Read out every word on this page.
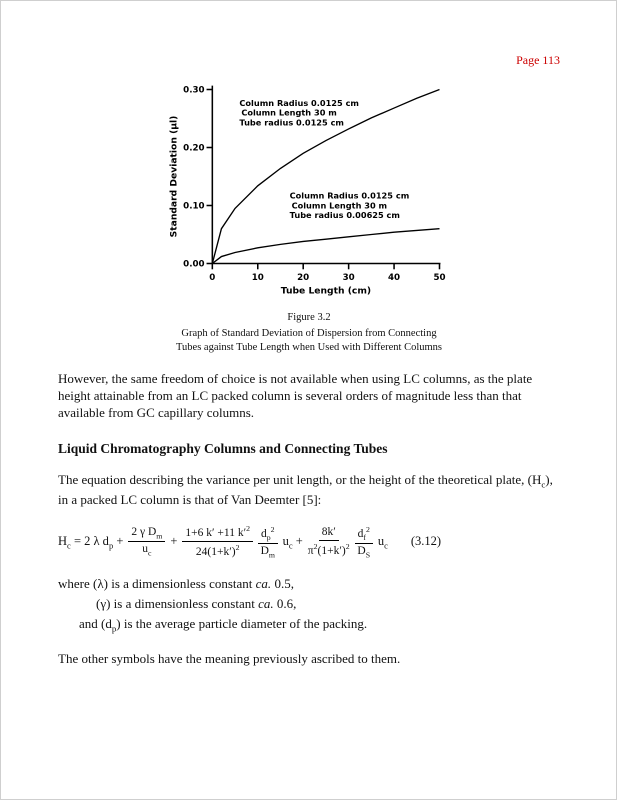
Page 113
0.00
0.10
0.20
0.30
0	10	20	30	40	50
Tube Length (cm)
Standard Deviation (μl)
Column Radius 0.0125 cm
Column Length 30 m
Tube radius 0.0125 cm
Column Radius 0.0125 cm
Column Length 30 m
Tube radius 0.00625 cm
Figure 3.2
Graph of Standard Deviation of Dispersion from Connecting
Tubes against Tube Length when Used with Different Columns

However, the same freedom of choice is not available when using LC columns, as the plate height attainable from an LC packed column is several orders of magnitude less than that available from GC capillary columns.

Liquid Chromatography Columns and Connecting Tubes

The equation describing the variance per unit length, or the height of the theoretical plate, $(H_c)$, in a packed LC column is that of Van Deemter [5]:

$H_c = 2$ λ $d_p + \frac{2 \gamma D_m}{u_c} + \frac{1+6 k' +11 k'^2}{24(1+k')^2} \frac{d_p^2}{D_m} u_c + \frac{8k'}{\pi^2(1+k')^2} \frac{d_f^2}{D_S} u_c$ (3.12)
where (λ) is a dimensionless constant ca. 0.5,
(γ) is a dimensionless constant ca. 0.6,
and $(d_p)$ is the average particle diameter of the packing.

The other symbols have the meaning previously ascribed to them.
